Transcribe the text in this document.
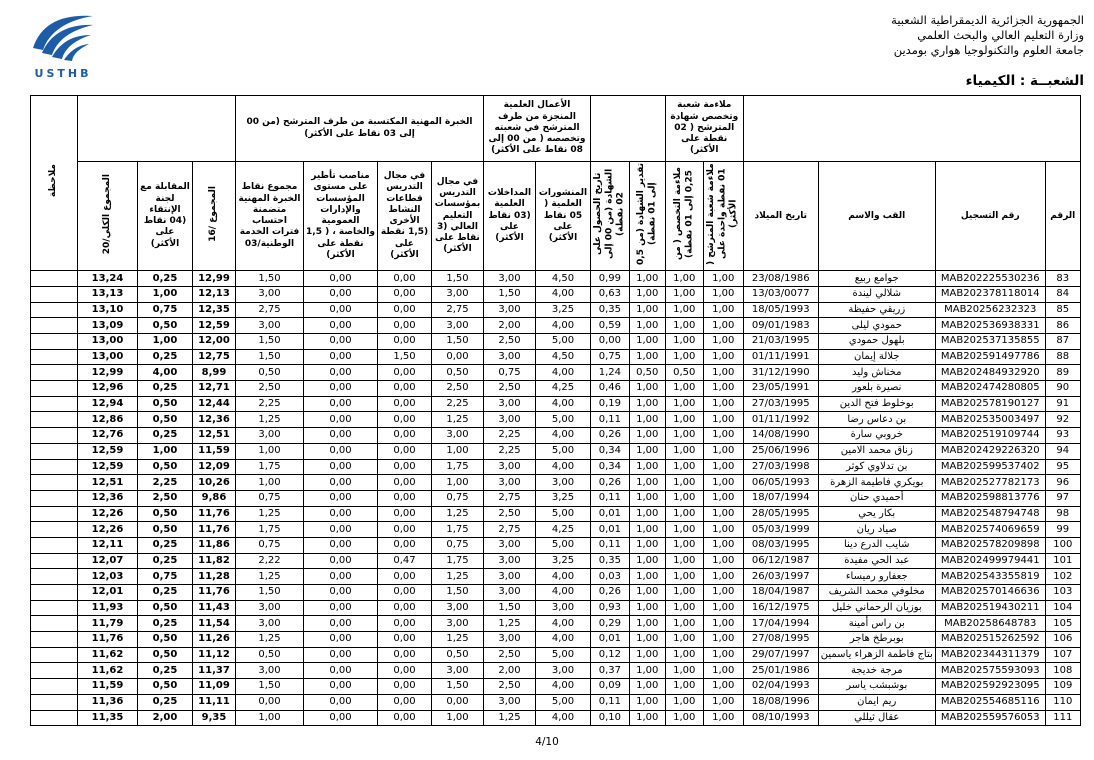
USTHB
الجمهورية الجزائرية الديمقراطية الشعبية
وزارة التعليم العالي والبحث العلمي
جامعة العلوم والتكنولوجيا هواري بومدين
الشعبــة : الكيمياء
				ملاءمة شعبة وتخصص شهادة المترشح ( 02 نقطة على الأكثر)				الأعمال العلمية المنجزة من طرف المترشح في شعبته وتخصصه ( من 00 إلى 08 نقاط على الأكثر)		الخبرة المهنية المكتسبة من طرف المترشح (من 00 إلى 03 نقاط على الأكثر)							ملاحظة
الرقم	رقم التسجيل	القب والاسم	تاريخ الميلاد	ملاءمة شعبة المترشح ( 01 نقطة واحدة على الأكثر)	ملاءمة التخصص ( من 0,25 إلى 01 نقطة)	تقدير الشهادة (من 0,5 إلى 01 نقطة)	تاريخ الحصول على الشهادة (من 00 إلى 02 نقطة)	المنشورات العلمية ( 05 نقاط على الأكثر)	المداخلات العلمية (03 نقاط على الأكثر)	في مجال التدريس بمؤسسات التعليم العالي (3 نقاط على الأكثر)	في مجال التدريس قطاعات النشاط الأخرى (1,5 نقطة على الأكثر)	مناصب تأطير على مستوى المؤسسات والإدارات العمومية والخاصة ، ( 1,5 نقطة على الأكثر)	مجموع نقاط الخبرة المهنية متضمنة احتساب فترات الخدمة الوطنية/03	المجموع /16	المقابلة مع لجنة الإنتقاء (04 نقاط على الأكثر)	المجموع الكلي/20	
83	MAB202225530236	جوامع ربيع	23/08/1986	1,00	1,00	1,00	0,99	4,50	3,00	1,50	0,00	0,00	1,50	12,99	0,25	13,24	
84	MAB202378118014	شلالي ليندة	13/03/0077	1,00	1,00	1,00	0,63	4,00	1,50	3,00	0,00	0,00	3,00	12,13	1,00	13,13	
85	MAB20256232323	زريقي حفيظة	18/05/1993	1,00	1,00	1,00	0,35	3,25	3,00	2,75	0,00	0,00	2,75	12,35	0,75	13,10	
86	MAB202536938331	حمودي ليلى	09/01/1983	1,00	1,00	1,00	0,59	4,00	2,00	3,00	0,00	0,00	3,00	12,59	0,50	13,09	
87	MAB202537135855	بلهول حمودي	21/03/1995	1,00	1,00	1,00	0,00	5,00	2,50	1,50	0,00	0,00	1,50	12,00	1,00	13,00	
88	MAB202591497786	جلالة إيمان	01/11/1991	1,00	1,00	1,00	0,75	4,50	3,00	0,00	1,50	0,00	1,50	12,75	0,25	13,00	
89	MAB202484932920	مخناش وليد	31/12/1990	1,00	0,50	0,50	1,24	4,00	0,75	0,50	0,00	0,00	0,50	8,99	4,00	12,99	
90	MAB202474280805	نصيرة بلعور	23/05/1991	1,00	1,00	1,00	0,46	4,25	2,50	2,50	0,00	0,00	2,50	12,71	0,25	12,96	
91	MAB202578190127	بوخلوط فتح الدين	27/03/1995	1,00	1,00	1,00	0,19	4,00	3,00	2,25	0,00	0,00	2,25	12,44	0,50	12,94	
92	MAB202535003497	بن دعاس رضا	01/11/1992	1,00	1,00	1,00	0,11	5,00	3,00	1,25	0,00	0,00	1,25	12,36	0,50	12,86	
93	MAB202519109744	خروبي سارة	14/08/1990	1,00	1,00	1,00	0,26	4,00	2,25	3,00	0,00	0,00	3,00	12,51	0,25	12,76	
94	MAB202429226320	زناق محمد الامين	25/06/1996	1,00	1,00	1,00	0,34	5,00	2,25	1,00	0,00	0,00	1,00	11,59	1,00	12,59	
95	MAB202599537402	بن تدلاوي كوثر	27/03/1998	1,00	1,00	1,00	0,34	4,00	3,00	1,75	0,00	0,00	1,75	12,09	0,50	12,59	
96	MAB202527782173	بويكري فاطيمة الزهرة	06/05/1993	1,00	1,00	1,00	0,26	3,00	3,00	1,00	0,00	0,00	1,00	10,26	2,25	12,51	
97	MAB202598813776	أحميدي حنان	18/07/1994	1,00	1,00	1,00	0,11	3,25	2,75	0,75	0,00	0,00	0,75	9,86	2,50	12,36	
98	MAB202548794748	بكار يحي	28/05/1995	1,00	1,00	1,00	0,01	5,00	2,50	1,25	0,00	0,00	1,25	11,76	0,50	12,26	
99	MAB202574069659	صياد ريان	05/03/1999	1,00	1,00	1,00	0,01	4,25	2,75	1,75	0,00	0,00	1,75	11,76	0,50	12,26	
100	MAB202578209898	شايب الدرع دينا	08/03/1995	1,00	1,00	1,00	0,11	5,00	3,00	0,75	0,00	0,00	0,75	11,86	0,25	12,11	
101	MAB202499979441	عبد الحي مفيدة	06/12/1987	1,00	1,00	1,00	0,35	3,25	3,00	1,75	0,47	0,00	2,22	11,82	0,25	12,07	
102	MAB202543355819	جعفارو رميساء	26/03/1997	1,00	1,00	1,00	0,03	4,00	3,00	1,25	0,00	0,00	1,25	11,28	0,75	12,03	
103	MAB202570146636	مخلوفي محمد الشريف	18/04/1987	1,00	1,00	1,00	0,26	4,00	3,00	1,50	0,00	0,00	1,50	11,76	0,25	12,01	
104	MAB202519430211	بوزيان الرحماني خليل	16/12/1975	1,00	1,00	1,00	0,93	3,00	1,50	3,00	0,00	0,00	3,00	11,43	0,50	11,93	
105	MAB20258648783	بن راس أمينة	17/04/1994	1,00	1,00	1,00	0,29	4,00	1,25	3,00	0,00	0,00	3,00	11,54	0,25	11,79	
106	MAB202515262592	بوبرطخ هاجر	27/08/1995	1,00	1,00	1,00	0,01	4,00	3,00	1,25	0,00	0,00	1,25	11,26	0,50	11,76	
107	MAB202344311379	بتاج فاطمة الزهراء ياسمين	29/07/1997	1,00	1,00	1,00	0,12	5,00	2,50	0,50	0,00	0,00	0,50	11,12	0,50	11,62	
108	MAB202575593093	مرجة خديجة	25/01/1986	1,00	1,00	1,00	0,37	3,00	2,00	3,00	0,00	0,00	3,00	11,37	0,25	11,62	
109	MAB202592923095	بوشبشب ياسر	02/04/1993	1,00	1,00	1,00	0,09	4,00	2,50	1,50	0,00	0,00	1,50	11,09	0,50	11,59	
110	MAB202554685116	ريم ايمان	18/08/1996	1,00	1,00	1,00	0,11	5,00	3,00	0,00	0,00	0,00	0,00	11,11	0,25	11,36	
111	MAB202559576053	عقال ثيللي	08/10/1993	1,00	1,00	1,00	0,10	4,00	1,25	1,00	0,00	0,00	1,00	9,35	2,00	11,35	
4/10
